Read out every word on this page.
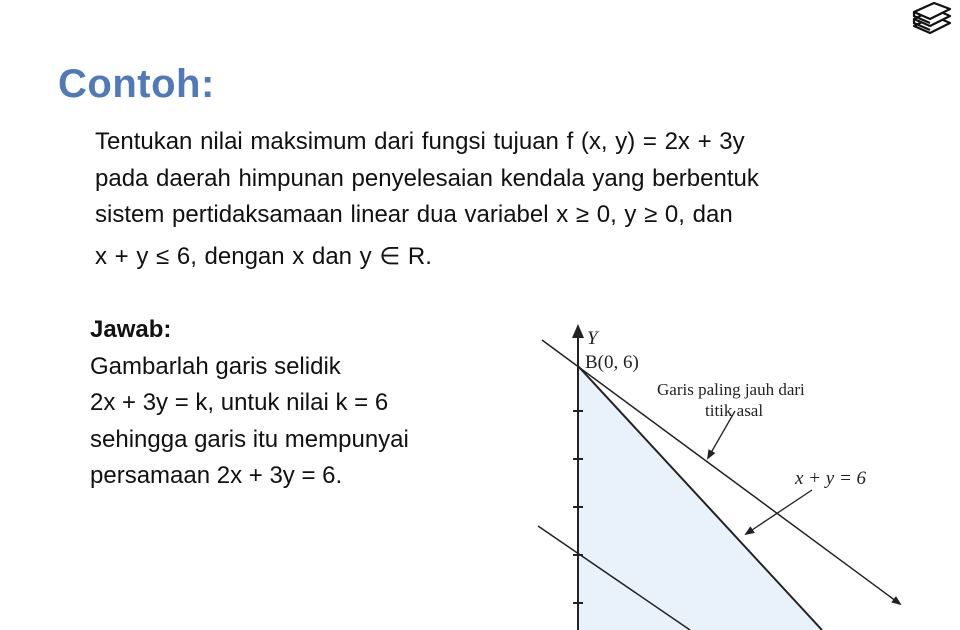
Contoh:
Tentukan nilai maksimum dari fungsi tujuan f (x, y) = 2x + 3y
pada daerah himpunan penyelesaian kendala yang berbentuk
sistem pertidaksamaan linear dua variabel x ≥ 0, y ≥ 0, dan
x + y ≤ 6, dengan x dan y ∈ R.
Jawab:
Gambarlah garis selidik
2x + 3y = k, untuk nilai k = 6
sehingga garis itu mempunyai
persamaan 2x + 3y = 6.
Y
B(0, 6)
Garis paling jauh dari
titik asal
x + y = 6
